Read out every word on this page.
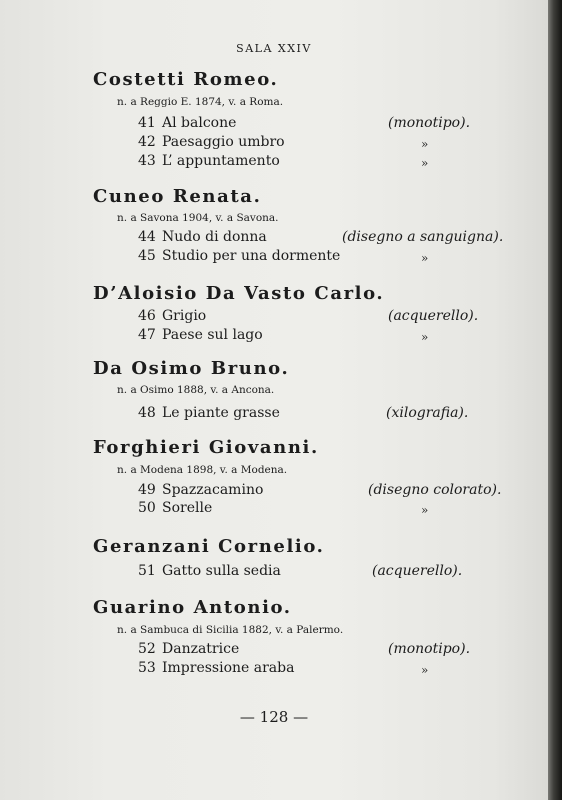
SALA XXIV
Costetti Romeo.
n. a Reggio E. 1874, v. a Roma.
41 Al balcone	(monotipo).
42 Paesaggio umbro	»
43 L’ appuntamento	»
Cuneo Renata.
n. a Savona 1904, v. a Savona.
44 Nudo di donna	(disegno a sanguigna).
45 Studio per una dormente	»
D’Aloisio Da Vasto Carlo.
46 Grigio	(acquerello).
47 Paese sul lago	»
Da Osimo Bruno.
n. a Osimo 1888, v. a Ancona.
48 Le piante grasse	(xilografia).
Forghieri Giovanni.
n. a Modena 1898, v. a Modena.
49 Spazzacamino	(disegno colorato).
50 Sorelle	»
Geranzani Cornelio.
51 Gatto sulla sedia	(acquerello).
Guarino Antonio.
n. a Sambuca di Sicilia 1882, v. a Palermo.
52 Danzatrice	(monotipo).
53 Impressione araba	»
— 128 —
